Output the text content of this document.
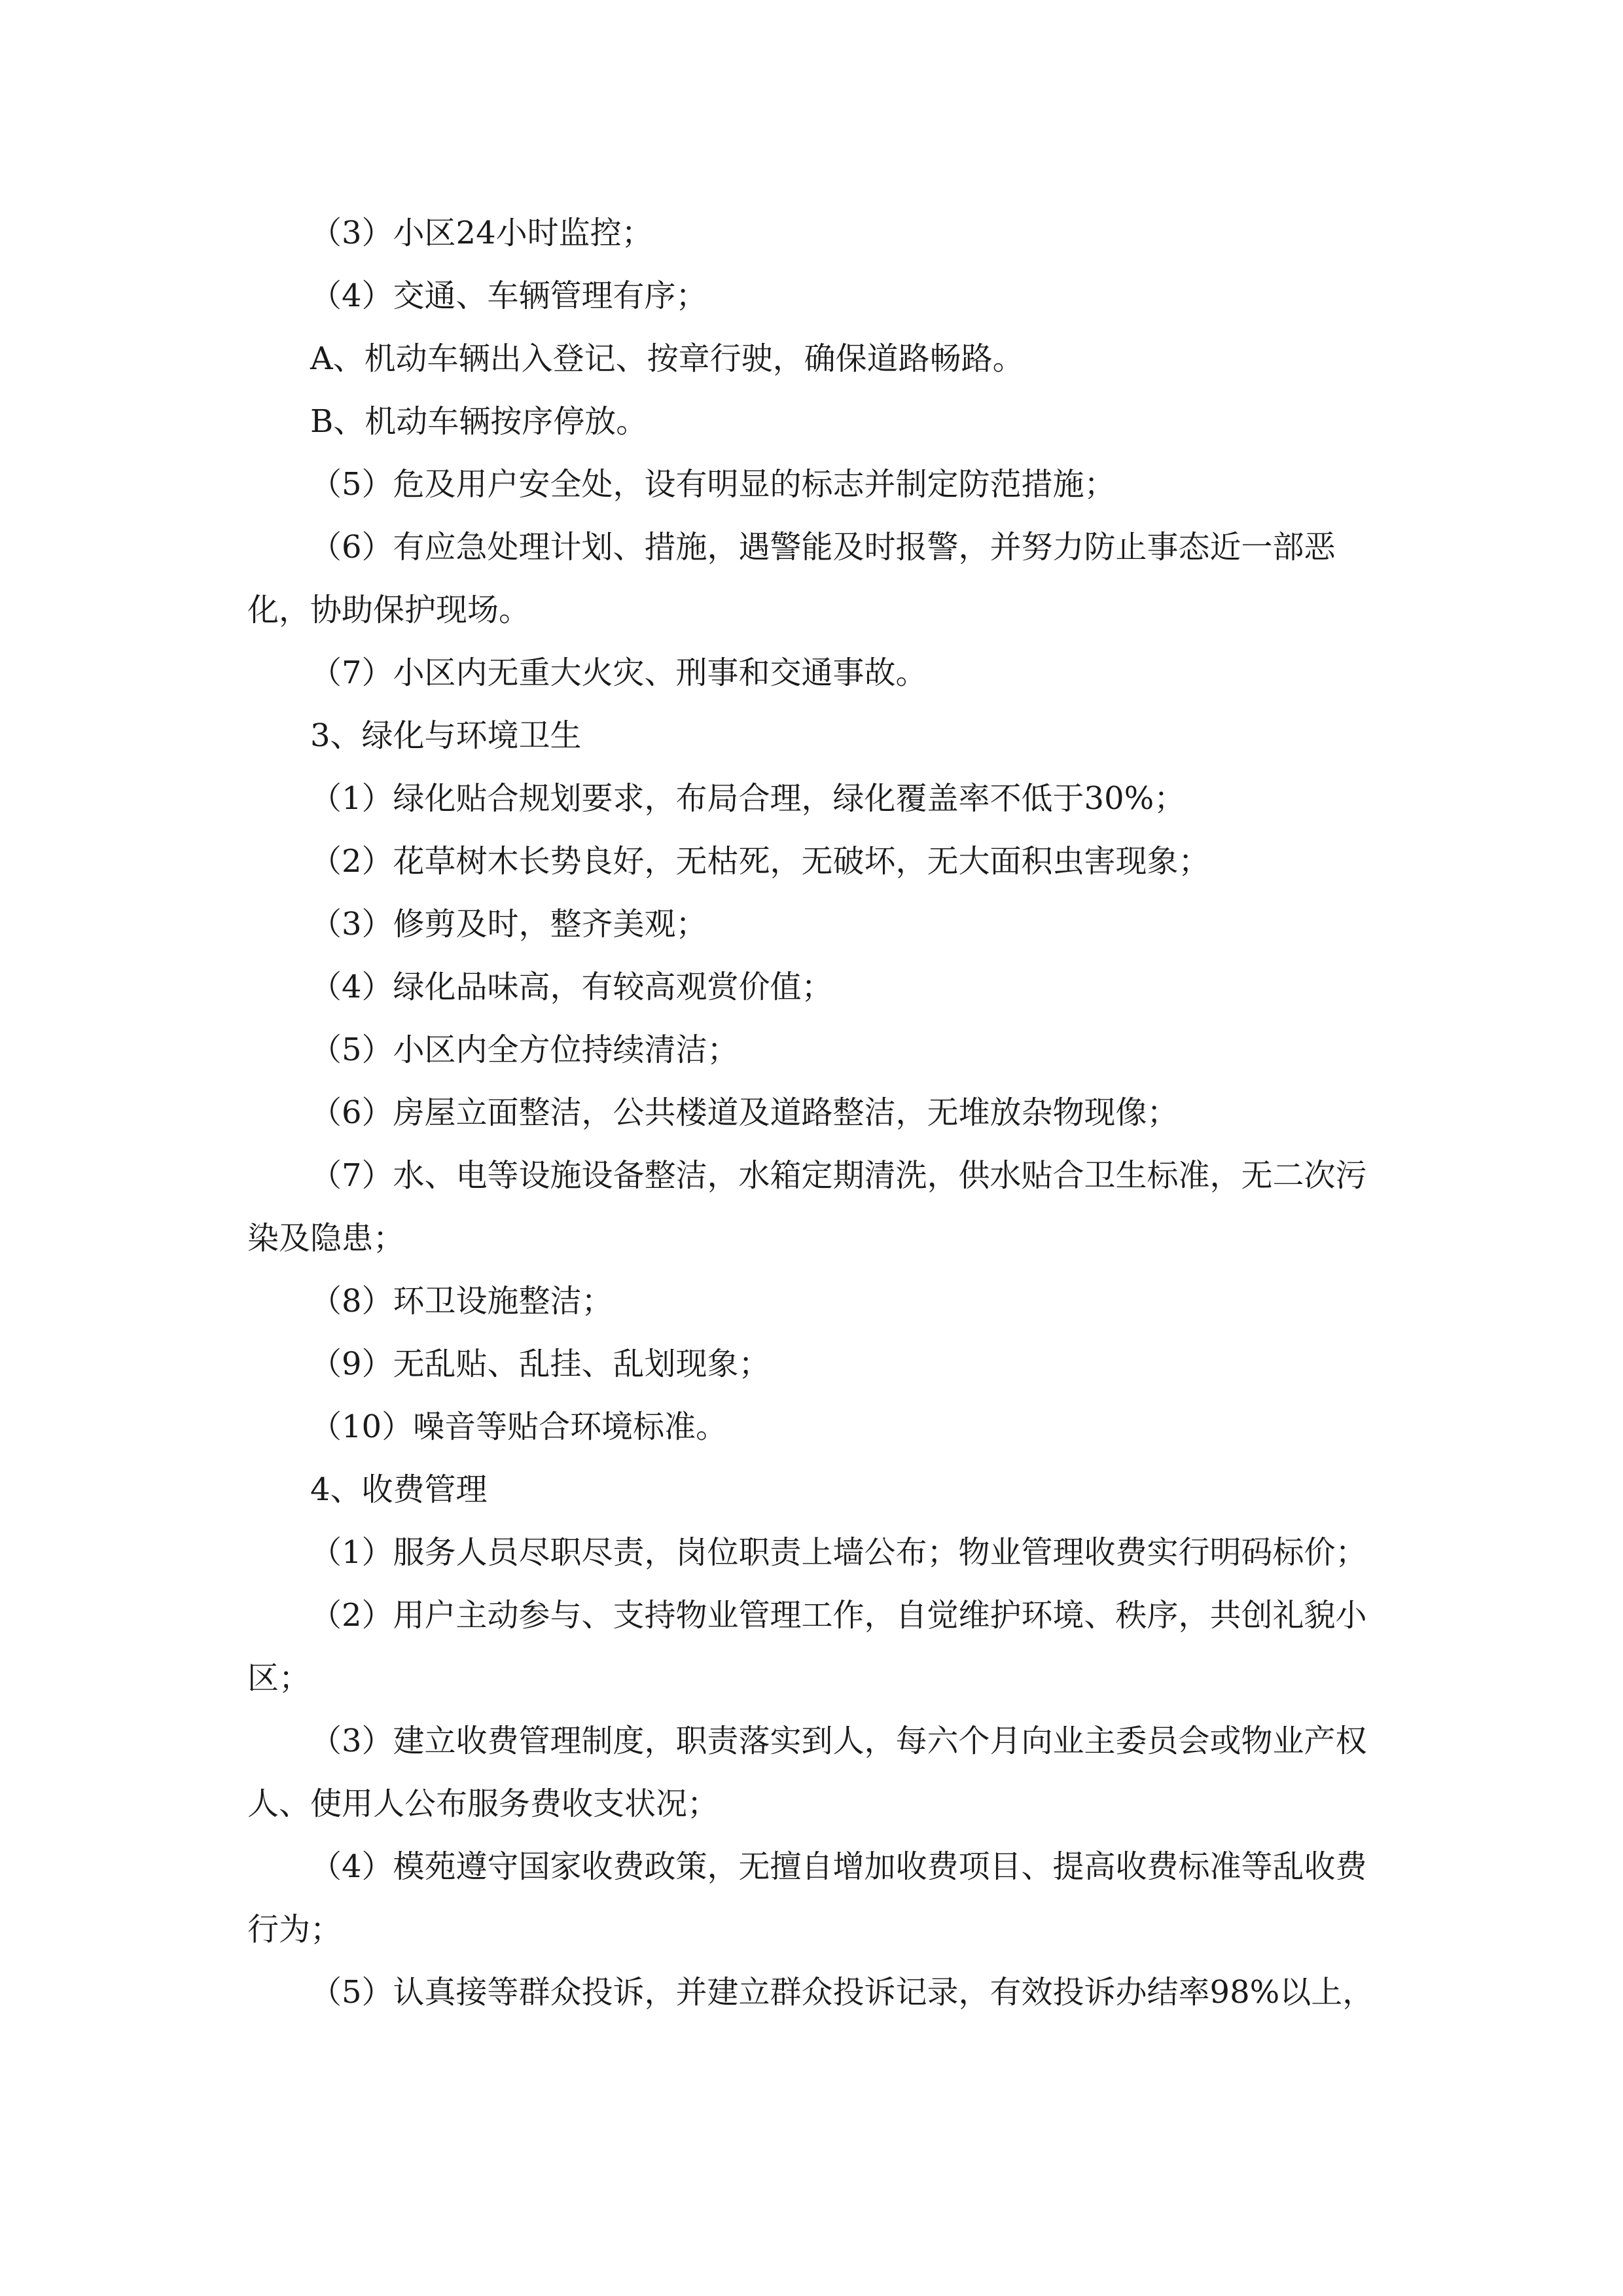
（3）小区24小时监控；

（4）交通、车辆管理有序；

A、机动车辆出入登记、按章行驶，确保道路畅路。

B、机动车辆按序停放。

（5）危及用户安全处，设有明显的标志并制定防范措施；

（6）有应急处理计划、措施，遇警能及时报警，并努力防止事态近一部恶化，协助保护现场。

（7）小区内无重大火灾、刑事和交通事故。

3、绿化与环境卫生

（1）绿化贴合规划要求，布局合理，绿化覆盖率不低于30%；

（2）花草树木长势良好，无枯死，无破坏，无大面积虫害现象；

（3）修剪及时，整齐美观；

（4）绿化品味高，有较高观赏价值；

（5）小区内全方位持续清洁；

（6）房屋立面整洁，公共楼道及道路整洁，无堆放杂物现像；

（7）水、电等设施设备整洁，水箱定期清洗，供水贴合卫生标准，无二次污染及隐患；

（8）环卫设施整洁；

（9）无乱贴、乱挂、乱划现象；

（10）噪音等贴合环境标准。

4、收费管理

（1）服务人员尽职尽责，岗位职责上墙公布；物业管理收费实行明码标价；

（2）用户主动参与、支持物业管理工作，自觉维护环境、秩序，共创礼貌小区；

（3）建立收费管理制度，职责落实到人，每六个月向业主委员会或物业产权人、使用人公布服务费收支状况；

（4）模苑遵守国家收费政策，无擅自增加收费项目、提高收费标准等乱收费行为；

（5）认真接等群众投诉，并建立群众投诉记录，有效投诉办结率98%以上，
